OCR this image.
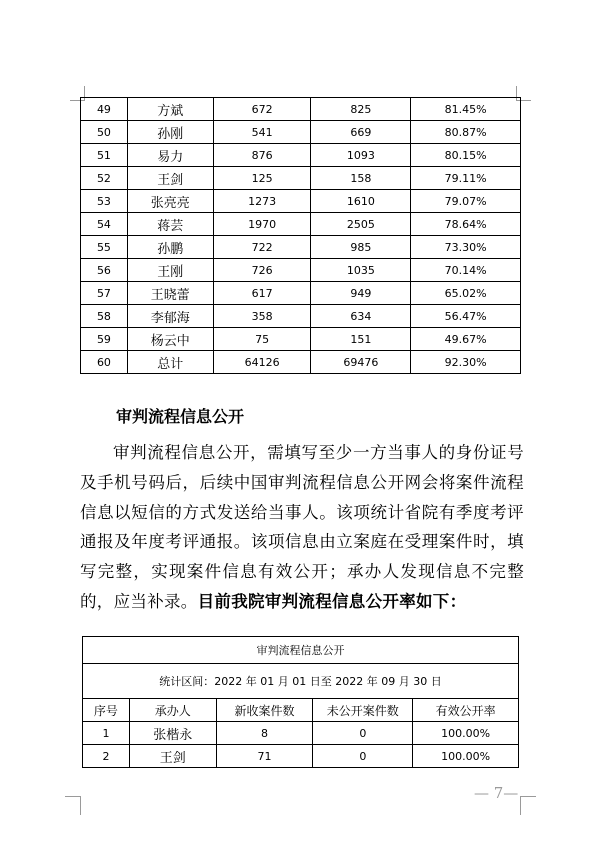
49	方斌	672	825	81.45%
50	孙刚	541	669	80.87%
51	易力	876	1093	80.15%
52	王剑	125	158	79.11%
53	张亮亮	1273	1610	79.07%
54	蒋芸	1970	2505	78.64%
55	孙鹏	722	985	73.30%
56	王刚	726	1035	70.14%
57	王晓蕾	617	949	65.02%
58	李郁海	358	634	56.47%
59	杨云中	75	151	49.67%
60	总计	64126	69476	92.30%
审判流程信息公开

审判流程信息公开，需填写至少一方当事人的身份证号及手机号码后，后续中国审判流程信息公开网会将案件流程信息以短信的方式发送给当事人。该项统计省院有季度考评通报及年度考评通报。该项信息由立案庭在受理案件时，填写完整，实现案件信息有效公开；承办人发现信息不完整的，应当补录。目前我院审判流程信息公开率如下：

审判流程信息公开				
统计区间：2022 年 01 月 01 日至 2022 年 09 月 30 日				
序号	承办人	新收案件数	未公开案件数	有效公开率
1	张楷永	8	0	100.00%
2	王剑	71	0	100.00%
— 7—
